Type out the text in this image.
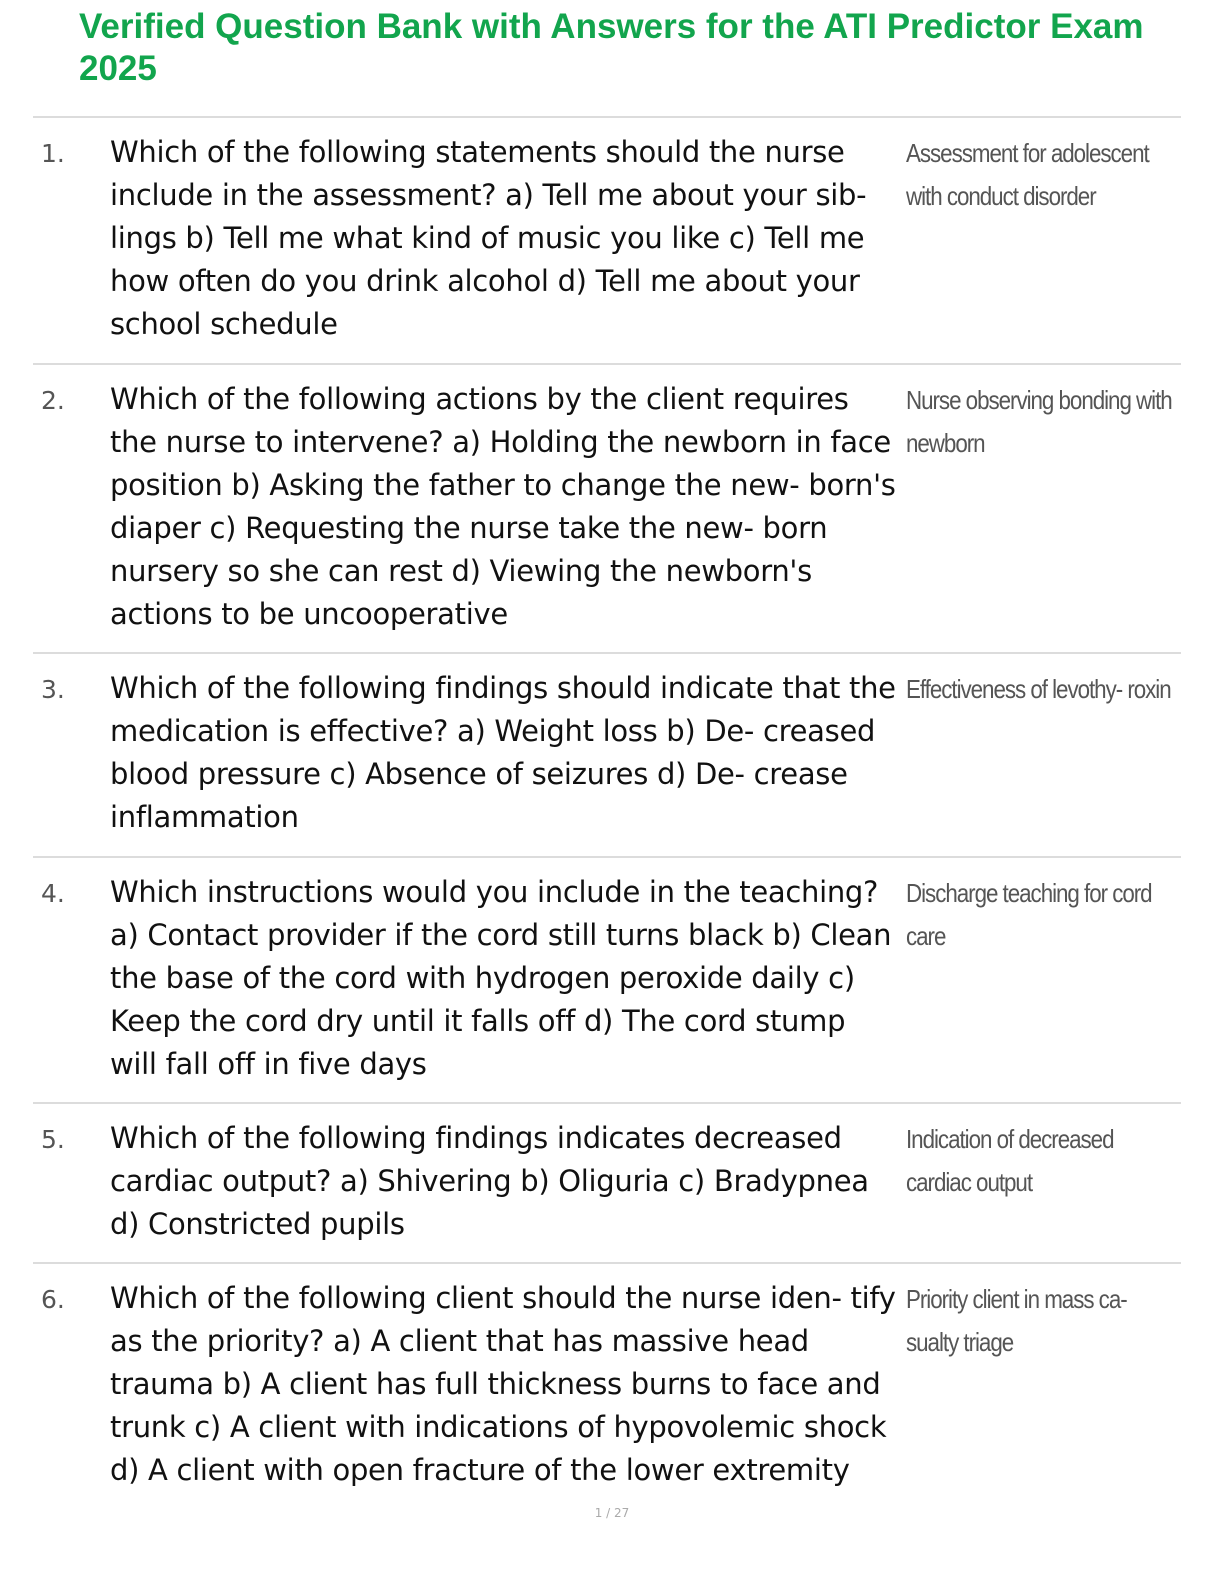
Verified Question Bank with Answers for the ATI Predictor Exam 2025
1. Which of the following statements should the nurse include in the assessment? a) Tell me about your sib- lings b) Tell me what kind of music you like c) Tell me how often do you drink alcohol d) Tell me about your school schedule
Assessment for adolescent with conduct disorder
2. Which of the following actions by the client requires the nurse to intervene? a) Holding the newborn in face position b) Asking the father to change the new- born's diaper c) Requesting the nurse take the new- born nursery so she can rest d) Viewing the newborn's actions to be uncooperative
Nurse observing bonding with newborn
3. Which of the following findings should indicate that the medication is effective? a) Weight loss b) De- creased blood pressure c) Absence of seizures d) De- crease inflammation
Effectiveness of levothy- roxin
4. Which instructions would you include in the teaching? a) Contact provider if the cord still turns black b) Clean the base of the cord with hydrogen peroxide daily c) Keep the cord dry until it falls off d) The cord stump will fall off in five days
Discharge teaching for cord care
5. Which of the following findings indicates decreased cardiac output? a) Shivering b) Oliguria c) Bradypnea d) Constricted pupils
Indication of decreased cardiac output
6. Which of the following client should the nurse iden- tify as the priority? a) A client that has massive head trauma b) A client has full thickness burns to face and trunk c) A client with indications of hypovolemic shock d) A client with open fracture of the lower extremity
Priority client in mass ca- sualty triage
1 / 27
